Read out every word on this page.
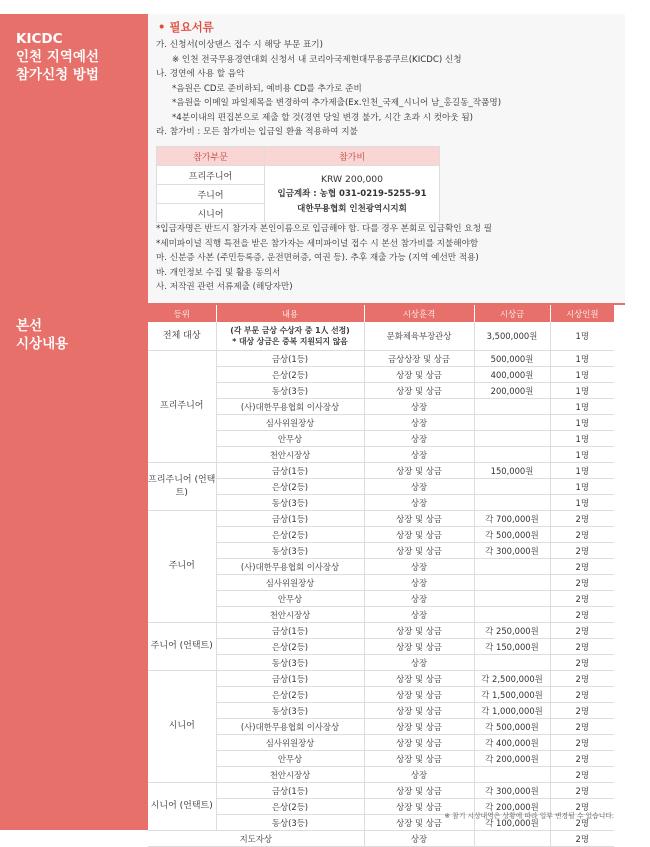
KICDC
인천 지역예선
참가신청 방법
• 필요서류
가. 신청서(이상댄스 접수 시 해당 부문 표기)
※ 인천 전국무용경연대회 신청서 내 코리아국제현대무용콩쿠르(KICDC) 신청
나. 경연에 사용 할 음악
*음원은 CD로 준비하되, 예비용 CD를 추가로 준비
*음원을 이메일 파일제목을 변경하여 추가제출(Ex.인천_국제_시니어 남_홍길동_작품명)
*4분이내의 편집본으로 제출 할 것(경연 당일 변경 불가, 시간 초과 시 컷아웃 됨)
라. 참가비 : 모든 참가비는 입금일 환율 적용하여 지불
참가부문	참가비
프리주니어	KRW 200,000
입금계좌 : 농협 031-0219-5255-91
대한무용협회 인천광역시지회

주니어	
시니어	
*입금자명은 반드시 참가자 본인이름으로 입금해야 함. 다를 경우 본회로 입금확인 요청 필
*세미파이널 직행 특전을 받은 참가자는 세미파이널 접수 시 본선 참가비를 지불해야함
마. 신분증 사본 (주민등록증, 운전면허증, 여권 등). 추후 재출 가능 (지역 예선만 적용)
바. 개인정보 수집 및 활용 동의서
사. 저작권 관련 서류제출 (해당자만)
본선
시상내용
등위	내용	시상훈격	시상금	시상인원
전체 대상	(각 부문 금상 수상자 중 1人 선정)
* 대상 상금은 중복 지원되지 않음	문화체육부장관상	3,500,000원	1명
프리주니어	금상(1등)	금상상장 및 상금	500,000원	1명
	은상(2등)	상장 및 상금	400,000원	1명
	동상(3등)	상장 및 상금	200,000원	1명
	(사)대한무용협회 이사장상	상장		1명
	심사위원장상	상장		1명
	안무상	상장		1명
	천안시장상	상장		1명
프리주니어 (언택트)	금상(1등)	상장 및 상금	150,000원	1명
	은상(2등)	상장		1명
	동상(3등)	상장		1명
주니어	금상(1등)	상장 및 상금	각 700,000원	2명
	은상(2등)	상장 및 상금	각 500,000원	2명
	동상(3등)	상장 및 상금	각 300,000원	2명
	(사)대한무용협회 이사장상	상장		2명
	심사위원장상	상장		2명
	안무상	상장		2명
	천안시장상	상장		2명
주니어 (언택트)	금상(1등)	상장 및 상금	각 250,000원	2명
	은상(2등)	상장 및 상금	각 150,000원	2명
	동상(3등)	상장		2명
시니어	금상(1등)	상장 및 상금	각 2,500,000원	2명
	은상(2등)	상장 및 상금	각 1,500,000원	2명
	동상(3등)	상장 및 상금	각 1,000,000원	2명
	(사)대한무용협회 이사장상	상장 및 상금	각 500,000원	2명
	심사위원장상	상장 및 상금	각 400,000원	2명
	안무상	상장 및 상금	각 200,000원	2명
	천안시장상	상장		2명
시니어 (언택트)	금상(1등)	상장 및 상금	각 300,000원	2명
	은상(2등)	상장 및 상금	각 200,000원	2명
	동상(3등)	상장 및 상금	각 100,000원	2명
지도자상		상장		2명
※ 참기 시상내역은 상황에 따라 일부 변경될 수 있습니다.
